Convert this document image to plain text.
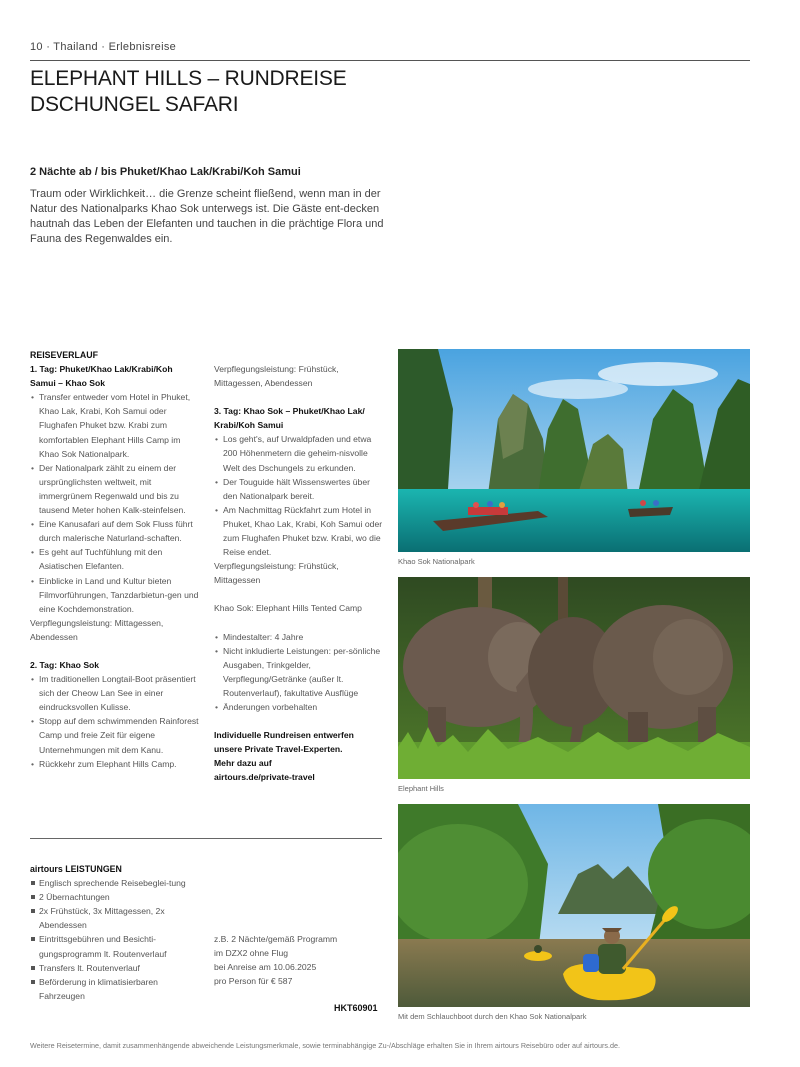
10 · Thailand · Erlebnisreise
ELEPHANT HILLS – RUNDREISE
DSCHUNGEL SAFARI
2 Nächte ab / bis Phuket/Khao Lak/Krabi/Koh Samui

Traum oder Wirklichkeit… die Grenze scheint fließend, wenn man in der Natur des Nationalparks Khao Sok unterwegs ist. Die Gäste ent-decken hautnah das Leben der Elefanten und tauchen in die prächtige Flora und Fauna des Regenwaldes ein.

REISEVERLAUF
1. Tag: Phuket/Khao Lak/Krabi/Koh
Samui – Khao Sok
• Transfer entweder vom Hotel in Phuket, Khao Lak, Krabi, Koh Samui oder Flughafen Phuket bzw. Krabi zum komfortablen Elephant Hills Camp im Khao Sok Nationalpark.
• Der Nationalpark zählt zu einem der ursprünglichsten weltweit, mit immergrünem Regenwald und bis zu tausend Meter hohen Kalk-steinfelsen.
• Eine Kanusafari auf dem Sok Fluss führt durch malerische Naturland-schaften.
• Es geht auf Tuchfühlung mit den Asiatischen Elefanten.
• Einblicke in Land und Kultur bieten Filmvorführungen, Tanzdarbietun-gen und eine Kochdemonstration.
Verpflegungsleistung: Mittagessen, Abendessen
2. Tag: Khao Sok
• Im traditionellen Longtail-Boot präsentiert sich der Cheow Lan See in einer eindrucksvollen Kulisse.
• Stopp auf dem schwimmenden Rainforest Camp und freie Zeit für eigene Unternehmungen mit dem Kanu.
• Rückkehr zum Elephant Hills Camp.
Verpflegungsleistung: Frühstück, Mittagessen, Abendessen
3. Tag: Khao Sok – Phuket/Khao Lak/
Krabi/Koh Samui
• Los geht's, auf Urwaldpfaden und etwa 200 Höhenmetern die geheim-nisvolle Welt des Dschungels zu erkunden.
• Der Touguide hält Wissenswertes über den Nationalpark bereit.
• Am Nachmittag Rückfahrt zum Hotel in Phuket, Khao Lak, Krabi, Koh Samui oder zum Flughafen Phuket bzw. Krabi, wo die Reise endet.
Verpflegungsleistung: Frühstück, Mittagessen
Khao Sok: Elephant Hills Tented Camp
• Mindestalter: 4 Jahre
• Nicht inkludierte Leistungen: per-sönliche Ausgaben, Trinkgelder, Verpflegung/Getränke (außer lt. Routenverlauf), fakultative Ausflüge
• Änderungen vorbehalten
Individuelle Rundreisen entwerfen
unsere Private Travel-Experten.
Mehr dazu auf
airtours.de/private-travel
airtours LEISTUNGEN
Englisch sprechende Reisebeglei-tung
2 Übernachtungen
2x Frühstück, 3x Mittagessen, 2x Abendessen
Eintrittsgebühren und Besichti-gungsprogramm lt. Routenverlauf
Transfers lt. Routenverlauf
Beförderung in klimatisierbaren Fahrzeugen
z.B. 2 Nächte/gemäß Programm
im DZX2 ohne Flug
bei Anreise am 10.06.2025
pro Person für € 587
HKT60901
Khao Sok Nationalpark
Elephant Hills
Mit dem Schlauchboot durch den Khao Sok Nationalpark
Weitere Reisetermine, damit zusammenhängende abweichende Leistungsmerkmale, sowie terminabhängige Zu-/Abschläge erhalten Sie in Ihrem airtours Reisebüro oder auf airtours.de.
